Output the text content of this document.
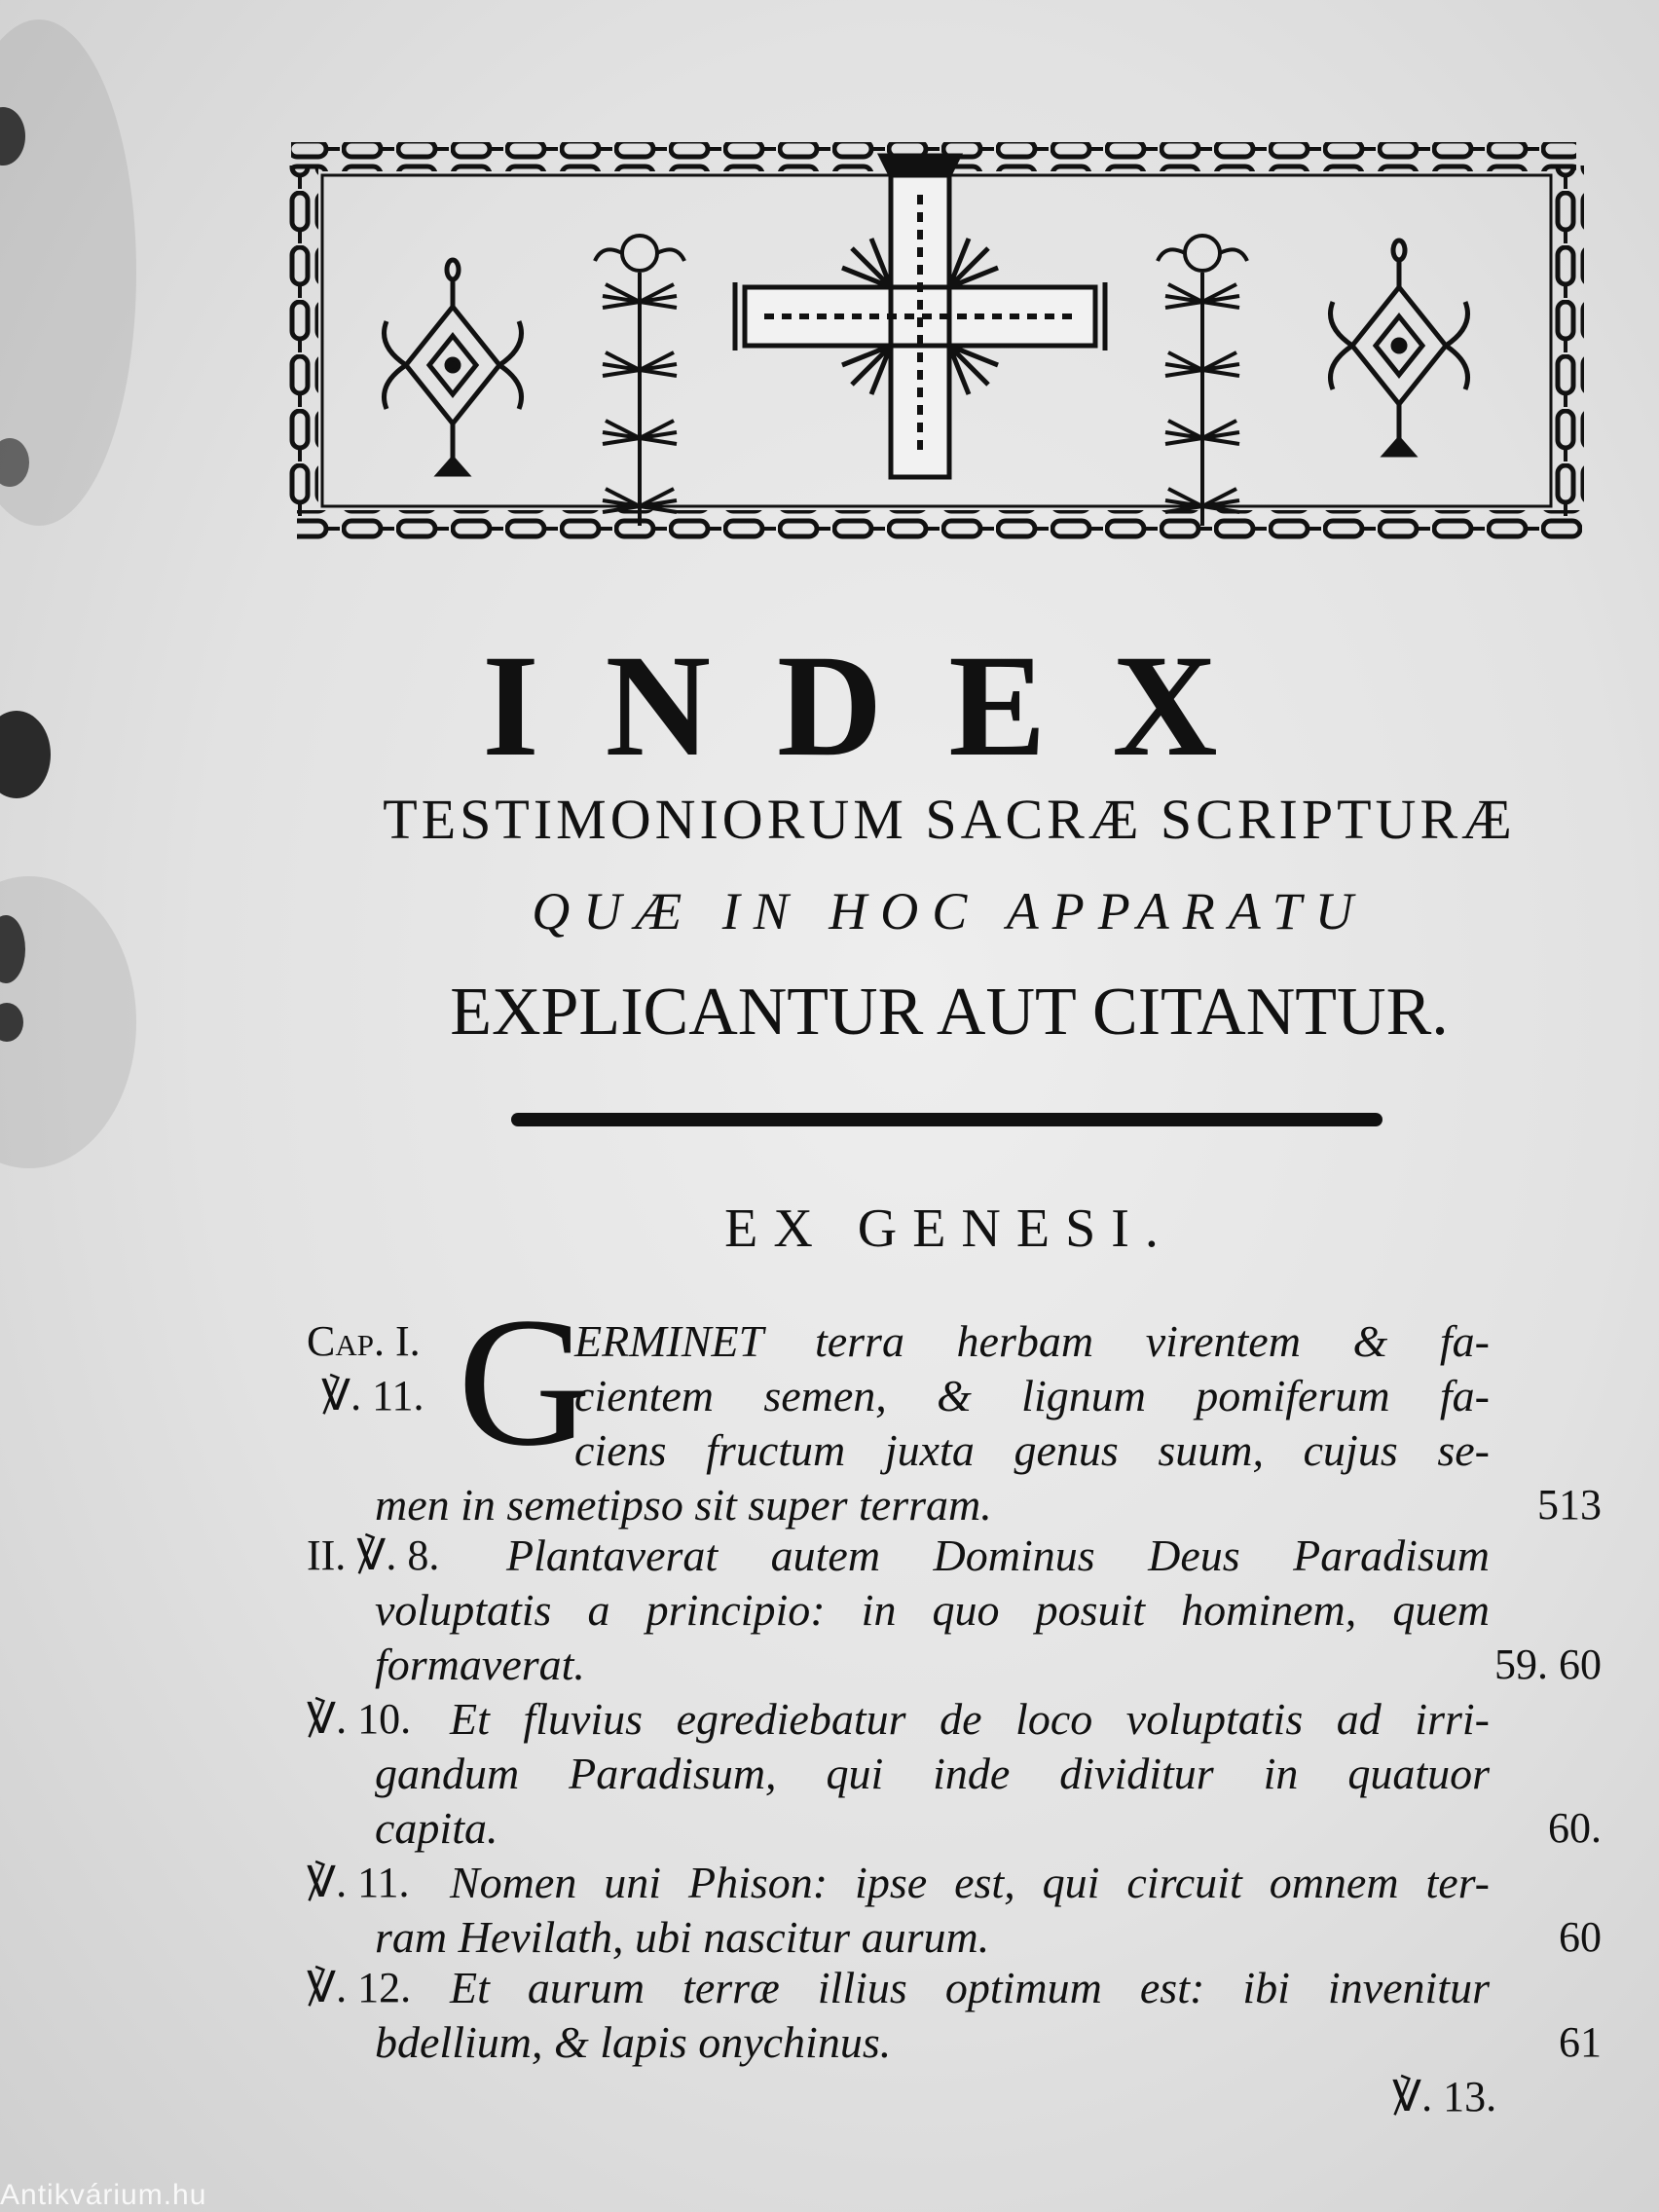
INDEX
TESTIMONIORUM SACRÆ SCRIPTURÆ
QUÆ IN HOC APPARATU
EXPLICANTUR AUT CITANTUR.
EX GENESI.
Cap. I.
℣. 11. G
ERMINET terra herbam virentem & fa-
cientem semen, & lignum pomiferum fa-
ciens fructum juxta genus suum, cujus se-
men in semetipso sit super terram.	513
II. ℣. 8. Plantaverat autem Dominus Deus Paradisum
voluptatis a principio: in quo posuit hominem, quem
formaverat.	59. 60
℣. 10. Et fluvius egrediebatur de loco voluptatis ad irri-
gandum Paradisum, qui inde dividitur in quatuor
capita.	60.
℣. 11. Nomen uni Phison: ipse est, qui circuit omnem ter-
ram Hevilath, ubi nascitur aurum.	60
℣. 12. Et aurum terræ illius optimum est: ibi invenitur
bdellium, & lapis onychinus.	61
℣. 13.
Antikvárium.hu
